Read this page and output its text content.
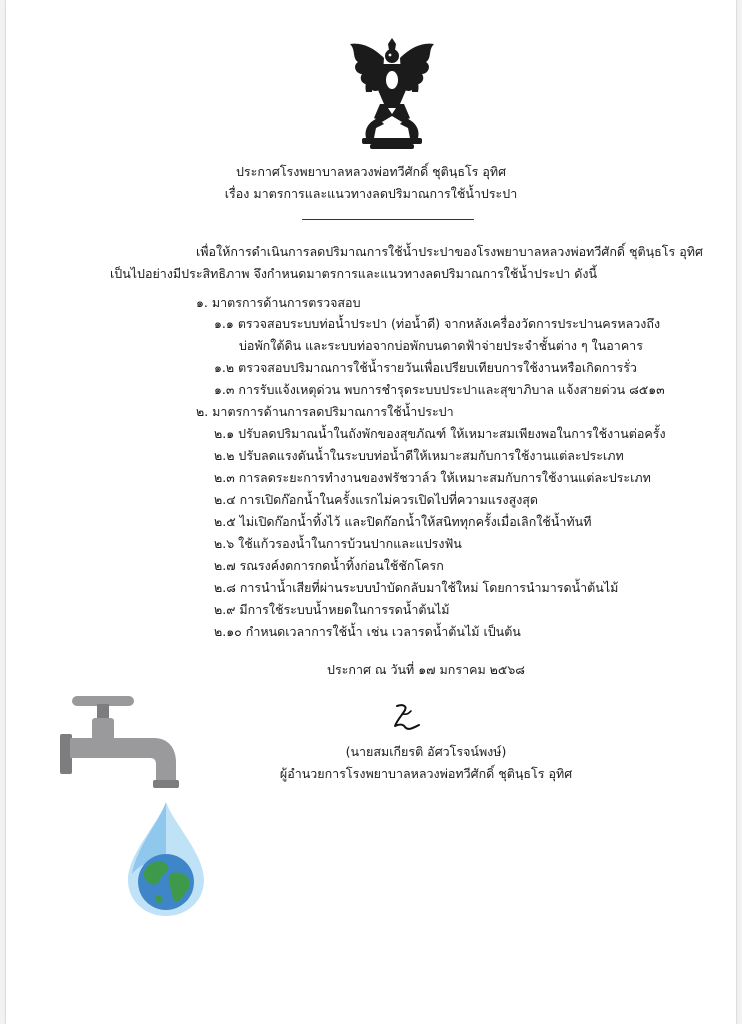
ประกาศโรงพยาบาลหลวงพ่อทวีศักดิ์ ชุตินฺธโร อุทิศ
เรื่อง มาตรการและแนวทางลดปริมาณการใช้น้ำประปา
เพื่อให้การดำเนินการลดปริมาณการใช้น้ำประปาของโรงพยาบาลหลวงพ่อทวีศักดิ์ ชุตินฺธโร อุทิศ
เป็นไปอย่างมีประสิทธิภาพ จึงกำหนดมาตรการและแนวทางลดปริมาณการใช้น้ำประปา ดังนี้
๑. มาตรการด้านการตรวจสอบ
๑.๑ ตรวจสอบระบบท่อน้ำประปา (ท่อน้ำดี) จากหลังเครื่องวัดการประปานครหลวงถึง
บ่อพักใต้ดิน และระบบท่อจากบ่อพักบนดาดฟ้าจ่ายประจำชั้นต่าง ๆ ในอาคาร
๑.๒ ตรวจสอบปริมาณการใช้น้ำรายวันเพื่อเปรียบเทียบการใช้งานหรือเกิดการรั่ว
๑.๓ การรับแจ้งเหตุด่วน พบการชำรุดระบบประปาและสุขาภิบาล แจ้งสายด่วน ๘๕๑๓
๒. มาตรการด้านการลดปริมาณการใช้น้ำประปา
๒.๑ ปรับลดปริมาณน้ำในถังพักของสุขภัณฑ์ ให้เหมาะสมเพียงพอในการใช้งานต่อครั้ง
๒.๒ ปรับลดแรงดันน้ำในระบบท่อน้ำดีให้เหมาะสมกับการใช้งานแต่ละประเภท
๒.๓ การลดระยะการทำงานของฟรัชวาล์ว ให้เหมาะสมกับการใช้งานแต่ละประเภท
๒.๔ การเปิดก๊อกน้ำในครั้งแรกไม่ควรเปิดไปที่ความแรงสูงสุด
๒.๕ ไม่เปิดก๊อกน้ำทิ้งไว้ และปิดก๊อกน้ำให้สนิททุกครั้งเมื่อเลิกใช้น้ำทันที
๒.๖ ใช้แก้วรองน้ำในการบ้วนปากและแปรงฟัน
๒.๗ รณรงค์งดการกดน้ำทิ้งก่อนใช้ชักโครก
๒.๘ การนำน้ำเสียที่ผ่านระบบบำบัดกลับมาใช้ใหม่ โดยการนำมารดน้ำต้นไม้
๒.๙ มีการใช้ระบบน้ำหยดในการรดน้ำต้นไม้
๒.๑๐ กำหนดเวลาการใช้น้ำ เช่น เวลารดน้ำต้นไม้ เป็นต้น
ประกาศ ณ วันที่ ๑๗ มกราคม ๒๕๖๘
(นายสมเกียรติ อัศวโรจน์พงษ์)
ผู้อำนวยการโรงพยาบาลหลวงพ่อทวีศักดิ์ ชุตินฺธโร อุทิศ
